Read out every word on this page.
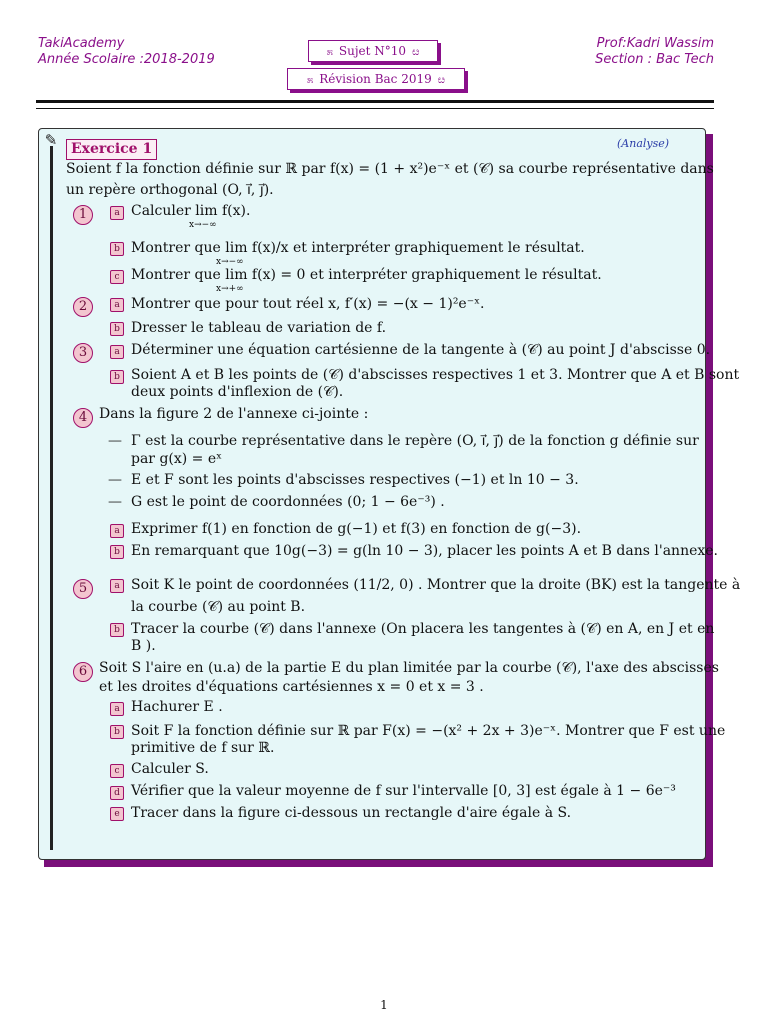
TakiAcademy
Année Scolaire :2018-2019
Prof:Kadri Wassim
Section : Bac Tech
೫ Sujet N°10 ೞ
೫ Révision Bac 2019 ೞ
✎ Exercice 1	(Analyse)
Soient f la fonction définie sur ℝ par f(x) = (1 + x²)e⁻ˣ et (𝒞) sa courbe représentative dans
un repère orthogonal (O, i⃗, j⃗).
1	a Calculer lim f(x).
x→−∞
b Montrer que lim f(x)/x et interpréter graphiquement le résultat.
x→−∞
c Montrer que lim f(x) = 0 et interpréter graphiquement le résultat.
x→+∞
2	a Montrer que pour tout réel x, f′(x) = −(x − 1)²e⁻ˣ.
b Dresser le tableau de variation de f.
3	a Déterminer une équation cartésienne de la tangente à (𝒞) au point J d'abscisse 0.
b Soient A et B les points de (𝒞) d'abscisses respectives 1 et 3. Montrer que A et B sont
deux points d'inflexion de (𝒞).
4 Dans la figure 2 de l'annexe ci-jointe :
— Γ est la courbe représentative dans le repère (O, i⃗, j⃗) de la fonction g définie sur
par g(x) = eˣ
— E et F sont les points d'abscisses respectives (−1) et ln 10 − 3.
— G est le point de coordonnées (0; 1 − 6e⁻³) .
a Exprimer f(1) en fonction de g(−1) et f(3) en fonction de g(−3).
b En remarquant que 10g(−3) = g(ln 10 − 3), placer les points A et B dans l'annexe.
5	a Soit K le point de coordonnées (11/2, 0) . Montrer que la droite (BK) est la tangente à
la courbe (𝒞) au point B.
b Tracer la courbe (𝒞) dans l'annexe (On placera les tangentes à (𝒞) en A, en J et en
B ).
6 Soit S l'aire en (u.a) de la partie E du plan limitée par la courbe (𝒞), l'axe des abscisses
et les droites d'équations cartésiennes x = 0 et x = 3 .
a Hachurer E .
b Soit F la fonction définie sur ℝ par F(x) = −(x² + 2x + 3)e⁻ˣ. Montrer que F est une
primitive de f sur ℝ.
c Calculer S.
d Vérifier que la valeur moyenne de f sur l'intervalle [0, 3] est égale à 1 − 6e⁻³
e Tracer dans la figure ci-dessous un rectangle d'aire égale à S.
1
